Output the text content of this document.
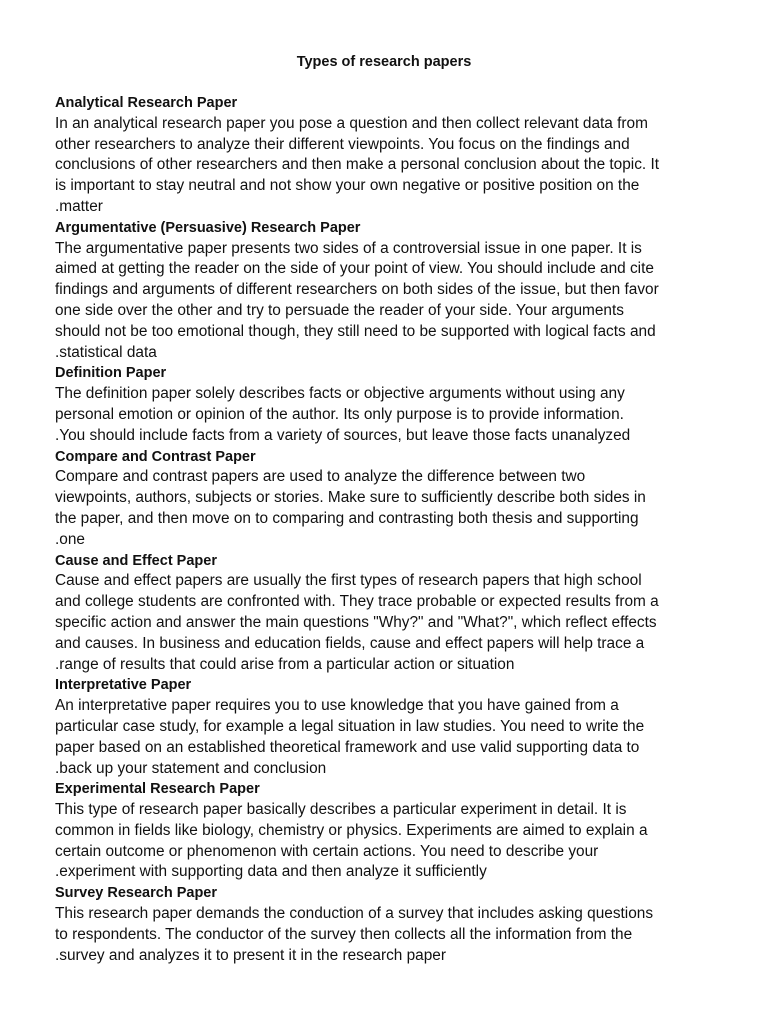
Types of research papers
Analytical Research Paper
In an analytical research paper you pose a question and then collect relevant data from
other researchers to analyze their different viewpoints. You focus on the findings and
conclusions of other researchers and then make a personal conclusion about the topic. It
is important to stay neutral and not show your own negative or positive position on the
.matter
Argumentative (Persuasive) Research Paper
The argumentative paper presents two sides of a controversial issue in one paper. It is
aimed at getting the reader on the side of your point of view. You should include and cite
findings and arguments of different researchers on both sides of the issue, but then favor
one side over the other and try to persuade the reader of your side. Your arguments
should not be too emotional though, they still need to be supported with logical facts and
.statistical data
Definition Paper
The definition paper solely describes facts or objective arguments without using any
personal emotion or opinion of the author. Its only purpose is to provide information.
.You should include facts from a variety of sources, but leave those facts unanalyzed
Compare and Contrast Paper
Compare and contrast papers are used to analyze the difference between two
viewpoints, authors, subjects or stories. Make sure to sufficiently describe both sides in
the paper, and then move on to comparing and contrasting both thesis and supporting
.one
Cause and Effect Paper
Cause and effect papers are usually the first types of research papers that high school
and college students are confronted with. They trace probable or expected results from a
specific action and answer the main questions "Why?" and "What?", which reflect effects
and causes. In business and education fields, cause and effect papers will help trace a
.range of results that could arise from a particular action or situation
Interpretative Paper
An interpretative paper requires you to use knowledge that you have gained from a
particular case study, for example a legal situation in law studies. You need to write the
paper based on an established theoretical framework and use valid supporting data to
.back up your statement and conclusion
Experimental Research Paper
This type of research paper basically describes a particular experiment in detail. It is
common in fields like biology, chemistry or physics. Experiments are aimed to explain a
certain outcome or phenomenon with certain actions. You need to describe your
.experiment with supporting data and then analyze it sufficiently
Survey Research Paper
This research paper demands the conduction of a survey that includes asking questions
to respondents. The conductor of the survey then collects all the information from the
.survey and analyzes it to present it in the research paper
